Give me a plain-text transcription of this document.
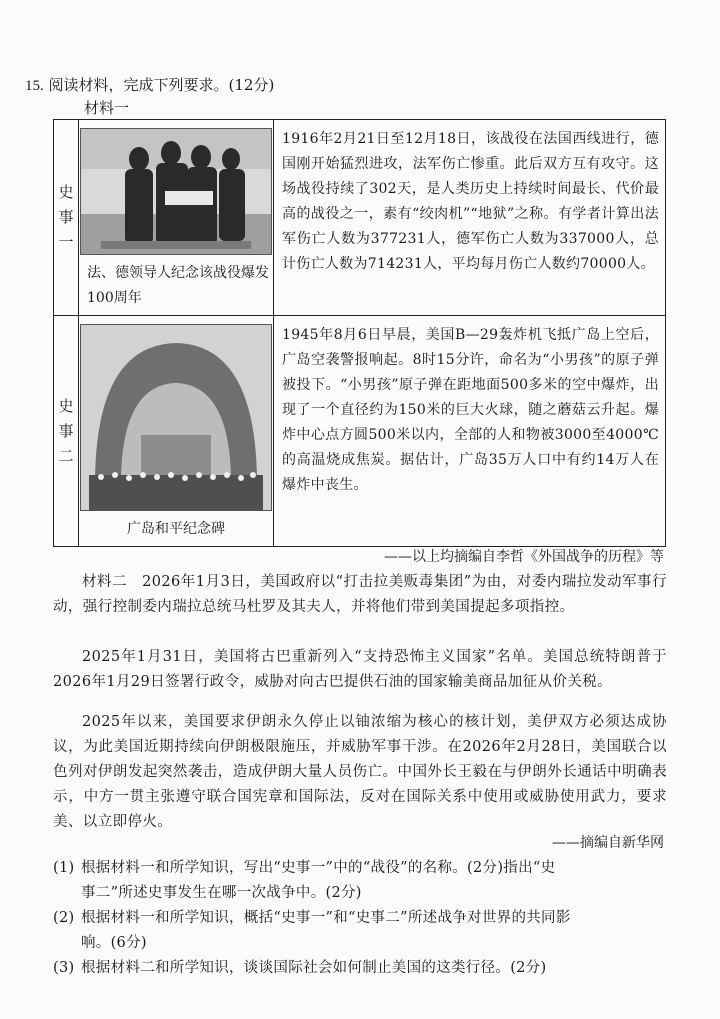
15. 阅读材料，完成下列要求。(12分)
材料一
史
事
一	法、德领导人纪念该战役爆发100周年	1916年2月21日至12月18日，该战役在法国西线进行，德国刚开始猛烈进攻，法军伤亡惨重。此后双方互有攻守。这场战役持续了302天，是人类历史上持续时间最长、代价最高的战役之一，素有“绞肉机”“地狱”之称。有学者计算出法军伤亡人数为377231人，德军伤亡人数为337000人，总计伤亡人数为714231人，平均每月伤亡人数约70000人。

史
事
二	广岛和平纪念碑	1945年8月6日早晨，美国B—29轰炸机飞抵广岛上空后，广岛空袭警报响起。8时15分许，命名为“小男孩”的原子弹被投下。“小男孩”原子弹在距地面500多米的空中爆炸，出现了一个直径约为150米的巨大火球，随之蘑菇云升起。爆炸中心点方圆500米以内，全部的人和物被3000至4000℃的高温烧成焦炭。据估计，广岛35万人口中有约14万人在爆炸中丧生。
——以上均摘编自李哲《外国战争的历程》等
材料二　2026年1月3日，美国政府以“打击拉美贩毒集团”为由，对委内瑞拉发动军事行动，强行控制委内瑞拉总统马杜罗及其夫人，并将他们带到美国提起多项指控。
2025年1月31日，美国将古巴重新列入“支持恐怖主义国家”名单。美国总统特朗普于2026年1月29日签署行政令，威胁对向古巴提供石油的国家输美商品加征从价关税。
2025年以来，美国要求伊朗永久停止以铀浓缩为核心的核计划，美伊双方必须达成协议，为此美国近期持续向伊朗极限施压，并威胁军事干涉。在2026年2月28日，美国联合以色列对伊朗发起突然袭击，造成伊朗大量人员伤亡。中国外长王毅在与伊朗外长通话中明确表示，中方一贯主张遵守联合国宪章和国际法，反对在国际关系中使用或威胁使用武力，要求美、以立即停火。
——摘编自新华网
(1) 根据材料一和所学知识，写出“史事一”中的“战役”的名称。(2分)指出“史
事二”所述史事发生在哪一次战争中。(2分)
(2) 根据材料一和所学知识，概括“史事一”和“史事二”所述战争对世界的共同影
响。(6分)
(3) 根据材料二和所学知识，谈谈国际社会如何制止美国的这类行径。(2分)
